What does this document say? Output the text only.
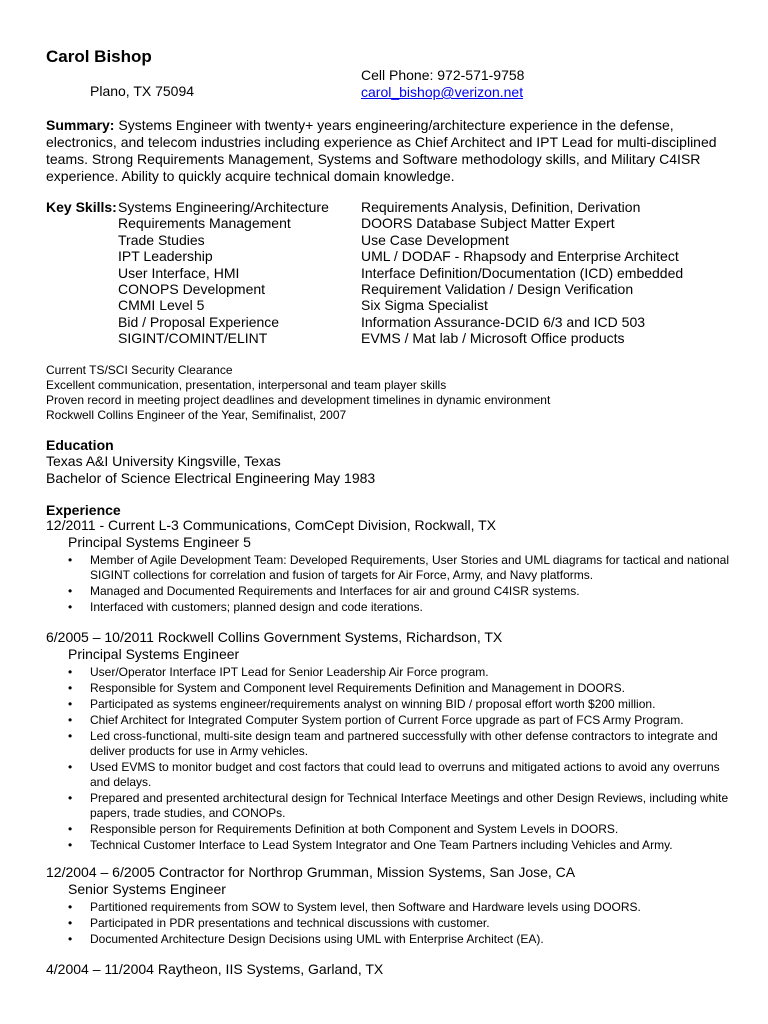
Carol Bishop
Plano, TX 75094
Cell Phone: 972-571-9758
carol_bishop@verizon.net
Summary: Systems Engineer with twenty+ years engineering/architecture experience in the defense, electronics, and telecom industries including experience as Chief Architect and IPT Lead for multi-disciplined teams. Strong Requirements Management, Systems and Software methodology skills, and Military C4ISR experience. Ability to quickly acquire technical domain knowledge.
Key Skills: Systems Engineering/Architecture
Requirements Management
Trade Studies
IPT Leadership
User Interface, HMI
CONOPS Development
CMMI Level 5
Bid / Proposal Experience
SIGINT/COMINT/ELINT
Requirements Analysis, Definition, Derivation
DOORS Database Subject Matter Expert
Use Case Development
UML / DODAF - Rhapsody and Enterprise Architect
Interface Definition/Documentation (ICD) embedded
Requirement Validation / Design Verification
Six Sigma Specialist
Information Assurance-DCID 6/3 and ICD 503
EVMS / Mat lab / Microsoft Office products
Current TS/SCI Security Clearance
Excellent communication, presentation, interpersonal and team player skills
Proven record in meeting project deadlines and development timelines in dynamic environment
Rockwell Collins Engineer of the Year, Semifinalist, 2007
Education
Texas A&I University Kingsville, Texas
Bachelor of Science Electrical Engineering May 1983
Experience
12/2011 - Current L-3 Communications, ComCept Division, Rockwall, TX
Principal Systems Engineer 5
• Member of Agile Development Team: Developed Requirements, User Stories and UML diagrams for tactical and national SIGINT collections for correlation and fusion of targets for Air Force, Army, and Navy platforms.
• Managed and Documented Requirements and Interfaces for air and ground C4ISR systems.
• Interfaced with customers; planned design and code iterations.
6/2005 – 10/2011 Rockwell Collins Government Systems, Richardson, TX
Principal Systems Engineer
• User/Operator Interface IPT Lead for Senior Leadership Air Force program.
• Responsible for System and Component level Requirements Definition and Management in DOORS.
• Participated as systems engineer/requirements analyst on winning BID / proposal effort worth $200 million.
• Chief Architect for Integrated Computer System portion of Current Force upgrade as part of FCS Army Program.
• Led cross-functional, multi-site design team and partnered successfully with other defense contractors to integrate and deliver products for use in Army vehicles.
• Used EVMS to monitor budget and cost factors that could lead to overruns and mitigated actions to avoid any overruns and delays.
• Prepared and presented architectural design for Technical Interface Meetings and other Design Reviews, including white papers, trade studies, and CONOPs.
• Responsible person for Requirements Definition at both Component and System Levels in DOORS.
• Technical Customer Interface to Lead System Integrator and One Team Partners including Vehicles and Army.
12/2004 – 6/2005 Contractor for Northrop Grumman, Mission Systems, San Jose, CA
Senior Systems Engineer
• Partitioned requirements from SOW to System level, then Software and Hardware levels using DOORS.
• Participated in PDR presentations and technical discussions with customer.
• Documented Architecture Design Decisions using UML with Enterprise Architect (EA).
4/2004 – 11/2004 Raytheon, IIS Systems, Garland, TX
